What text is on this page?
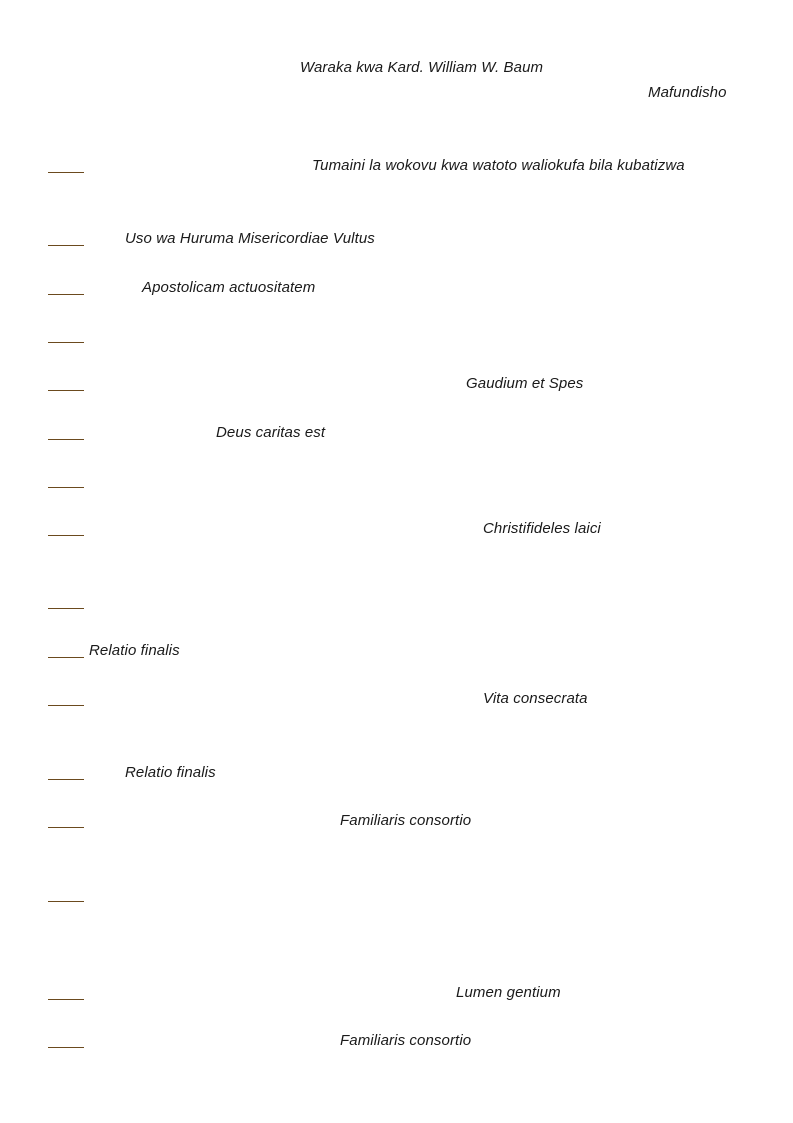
Waraka kwa Kard. William W. Baum
Mafundisho
Tumaini la wokovu kwa watoto waliokufa bila kubatizwa
Uso wa Huruma Misericordiae Vultus
Apostolicam actuositatem
Gaudium et Spes
Deus caritas est
Christifideles laici
Relatio finalis
Vita consecrata
Relatio finalis
Familiaris consortio
Lumen gentium
Familiaris consortio
